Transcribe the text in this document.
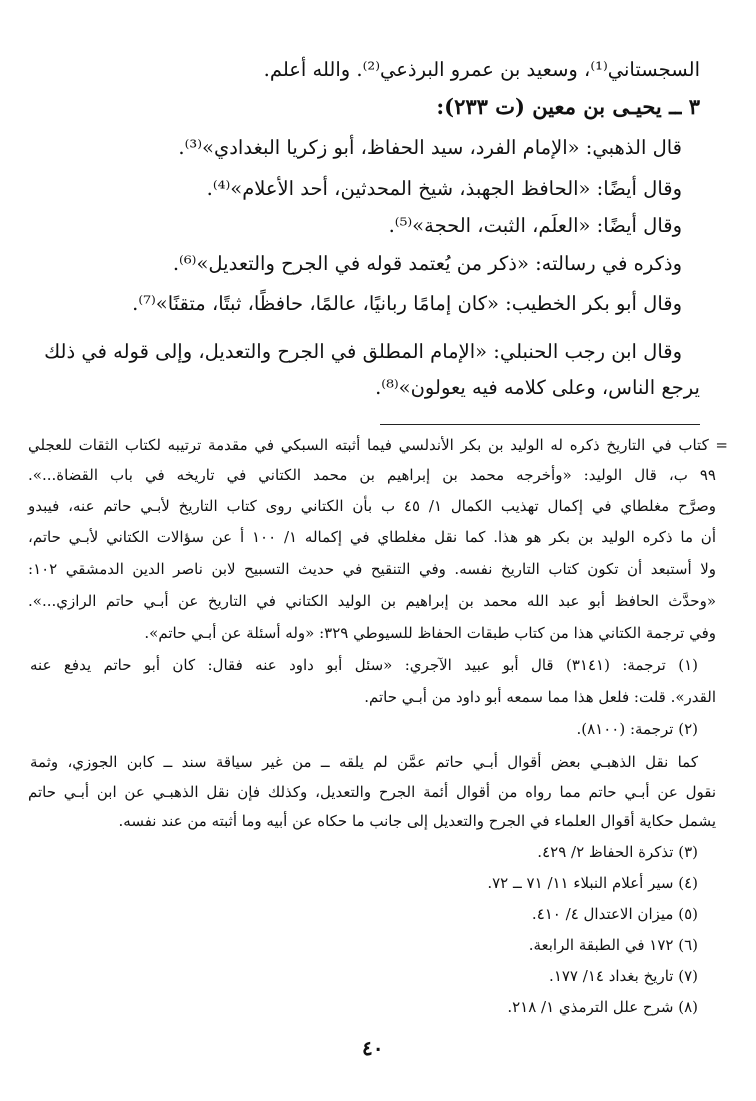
السجستاني⁽¹⁾، وسعيد بن عمرو البرذعي⁽²⁾. والله أعلم.
٣ ــ يحيـى بن معين (ت ٢٣٣):
قال الذهبي: «الإمام الفرد، سيد الحفاظ، أبو زكريا البغدادي»⁽³⁾.
وقال أيضًا: «الحافظ الجهبذ، شيخ المحدثين، أحد الأعلام»⁽⁴⁾.
وقال أيضًا: «العلَم، الثبت، الحجة»⁽⁵⁾.
وذكره في رسالته: «ذكر من يُعتمد قوله في الجرح والتعديل»⁽⁶⁾.
وقال أبو بكر الخطيب: «كان إمامًا ربانيًا، عالمًا، حافظًا، ثبتًا، متقنًا»⁽⁷⁾.
وقال ابن رجب الحنبلي: «الإمام المطلق في الجرح والتعديل، وإلى قوله في ذلك
يرجع الناس، وعلى كلامه فيه يعولون»⁽⁸⁾.
= كتاب في التاريخ ذكره له الوليد بن بكر الأندلسي فيما أثبته السبكي في مقدمة ترتيبه لكتاب الثقات للعجلي
٩٩ ب، قال الوليد: «وأخرجه محمد بن إبراهيم بن محمد الكتاني في تاريخه في باب القضاة...».
وصرَّح مغلطاي في إكمال تهذيب الكمال ١/ ٤٥ ب بأن الكتاني روى كتاب التاريخ لأبـي حاتم عنه، فيبدو
أن ما ذكره الوليد بن بكر هو هذا. كما نقل مغلطاي في إكماله ١/ ١٠٠ أ عن سؤالات الكتاني لأبـي حاتم،
ولا أستبعد أن تكون كتاب التاريخ نفسه. وفي التنقيح في حديث التسبيح لابن ناصر الدين الدمشقي ١٠٢:
«وحدَّث الحافظ أبو عبد الله محمد بن إبراهيم بن الوليد الكتاني في التاريخ عن أبـي حاتم الرازي...».
وفي ترجمة الكتاني هذا من كتاب طبقات الحفاظ للسيوطي ٣٢٩: «وله أسئلة عن أبـي حاتم».
(١) ترجمة: (٣١٤١) قال أبو عبيد الآجري: «سئل أبو داود عنه فقال: كان أبو حاتم يدفع عنه
القدر». قلت: فلعل هذا مما سمعه أبو داود من أبـي حاتم.
(٢) ترجمة: (٨١٠٠).
كما نقل الذهبـي بعض أقوال أبـي حاتم عمَّن لم يلقه ــ من غير سياقة سند ــ كابن الجوزي، وثمة
نقول عن أبـي حاتم مما رواه من أقوال أئمة الجرح والتعديل، وكذلك فإن نقل الذهبـي عن ابن أبـي حاتم
يشمل حكاية أقوال العلماء في الجرح والتعديل إلى جانب ما حكاه عن أبيه وما أثبته من عند نفسه.
(٣) تذكرة الحفاظ ٢/ ٤٢٩.
(٤) سير أعلام النبلاء ١١/ ٧١ ــ ٧٢.
(٥) ميزان الاعتدال ٤/ ٤١٠.
(٦) ١٧٢ في الطبقة الرابعة.
(٧) تاريخ بغداد ١٤/ ١٧٧.
(٨) شرح علل الترمذي ١/ ٢١٨.
٤٠
